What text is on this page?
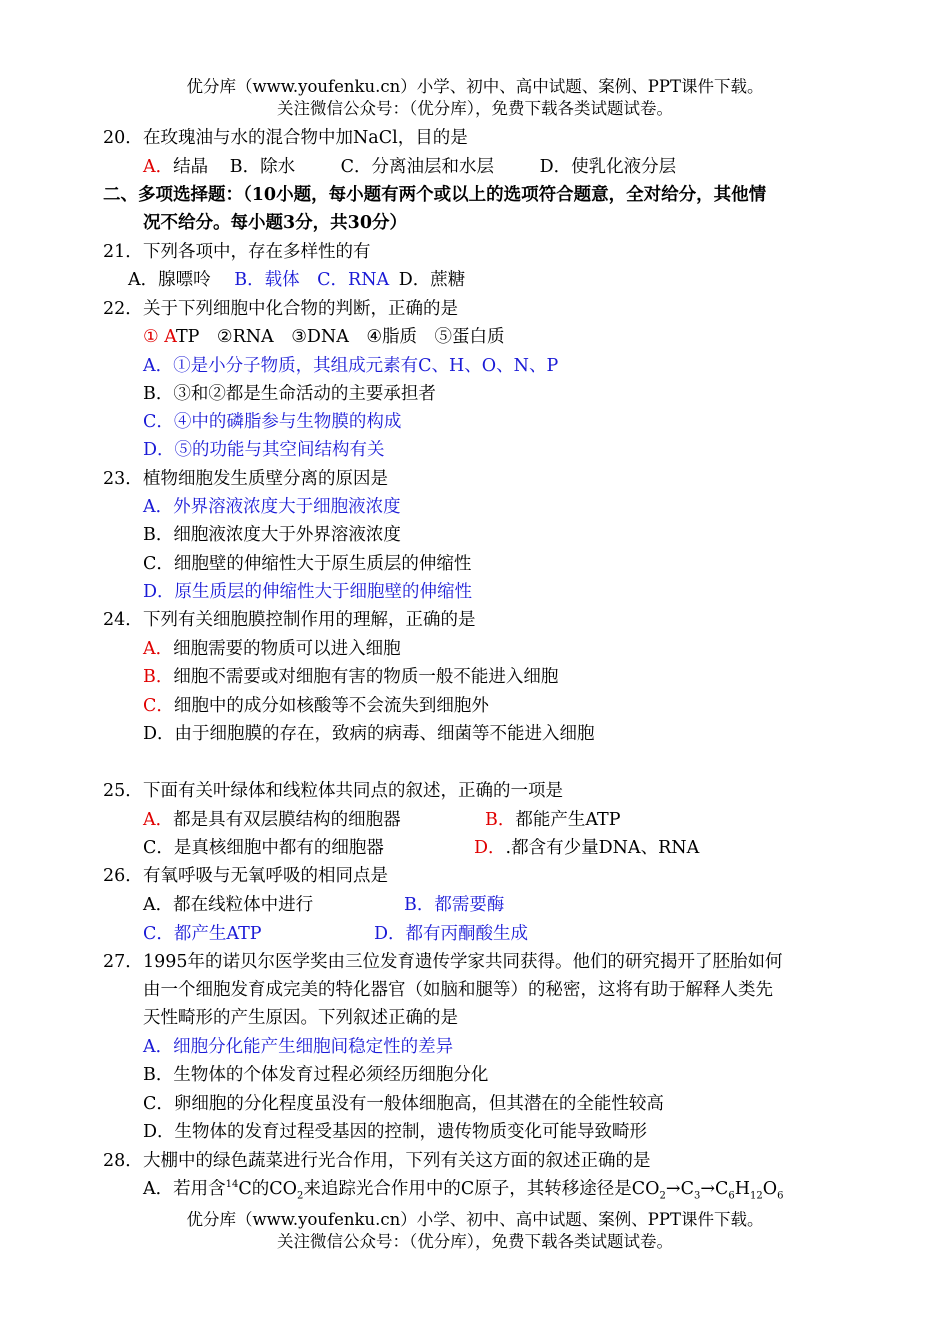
优分库（www.youfenku.cn）小学、初中、高中试题、案例、PPT课件下载。
关注微信公众号：（优分库），免费下载各类试题试卷。
20．在玫瑰油与水的混合物中加NaCl，目的是
A．结晶 B．除水	C．分离油层和水层	D．使乳化液分层
二、多项选择题：（10小题，每小题有两个或以上的选项符合题意，全对给分，其他情
况不给分。每小题3分，共30分）
21．下列各项中，存在多样性的有
A．腺嘌呤 B．载体 C．RNA D．蔗糖
22．关于下列细胞中化合物的判断，正确的是
① ATP　②RNA　③DNA　④脂质　⑤蛋白质
A．①是小分子物质，其组成元素有C、H、O、N、P
B．③和②都是生命活动的主要承担者
C．④中的磷脂参与生物膜的构成
D．⑤的功能与其空间结构有关
23．植物细胞发生质壁分离的原因是
A．外界溶液浓度大于细胞液浓度
B．细胞液浓度大于外界溶液浓度
C．细胞壁的伸缩性大于原生质层的伸缩性
D．原生质层的伸缩性大于细胞壁的伸缩性
24．下列有关细胞膜控制作用的理解，正确的是
A．细胞需要的物质可以进入细胞
B．细胞不需要或对细胞有害的物质一般不能进入细胞
C．细胞中的成分如核酸等不会流失到细胞外
D．由于细胞膜的存在，致病的病毒、细菌等不能进入细胞
25．下面有关叶绿体和线粒体共同点的叙述，正确的一项是
A．都是具有双层膜结构的细胞器	B．都能产生ATP
C．是真核细胞中都有的细胞器	D．.都含有少量DNA、RNA
26．有氧呼吸与无氧呼吸的相同点是
A．都在线粒体中进行	B．都需要酶
C．都产生ATP	D．都有丙酮酸生成
27．1995年的诺贝尔医学奖由三位发育遗传学家共同获得。他们的研究揭开了胚胎如何
由一个细胞发育成完美的特化器官（如脑和腿等）的秘密，这将有助于解释人类先
天性畸形的产生原因。下列叙述正确的是
A．细胞分化能产生细胞间稳定性的差异
B．生物体的个体发育过程必须经历细胞分化
C．卵细胞的分化程度虽没有一般体细胞高，但其潜在的全能性较高
D．生物体的发育过程受基因的控制，遗传物质变化可能导致畸形
28．大棚中的绿色蔬菜进行光合作用，下列有关这方面的叙述正确的是
A．若用含$^{14}$C的$CO_2$来追踪光合作用中的C原子，其转移途径是$CO_2\to C_3\to C_6H_{12}O_6$
优分库（www.youfenku.cn）小学、初中、高中试题、案例、PPT课件下载。
关注微信公众号：（优分库），免费下载各类试题试卷。
